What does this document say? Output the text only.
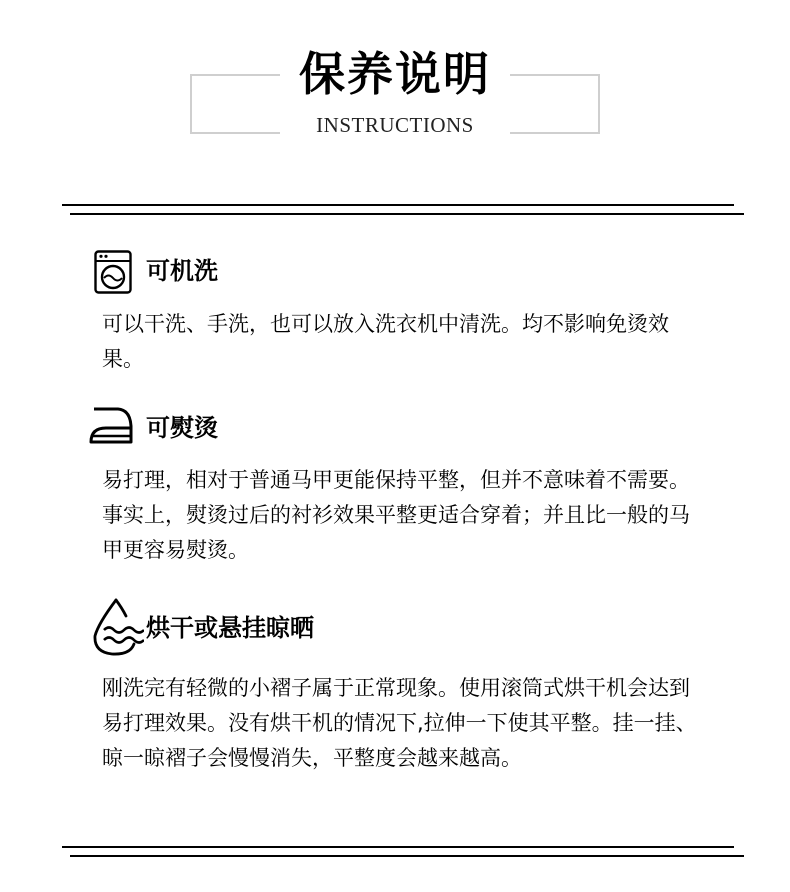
保养说明
INSTRUCTIONS
可机洗
可以干洗、手洗，也可以放入洗衣机中清洗。均不影响免烫效果。
可熨烫
易打理，相对于普通马甲更能保持平整，但并不意味着不需要。事实上，熨烫过后的衬衫效果平整更适合穿着；并且比一般的马甲更容易熨烫。
烘干或悬挂晾晒
刚洗完有轻微的小褶子属于正常现象。使用滚筒式烘干机会达到易打理效果。没有烘干机的情况下,拉伸一下使其平整。挂一挂、晾一晾褶子会慢慢消失，平整度会越来越高。
